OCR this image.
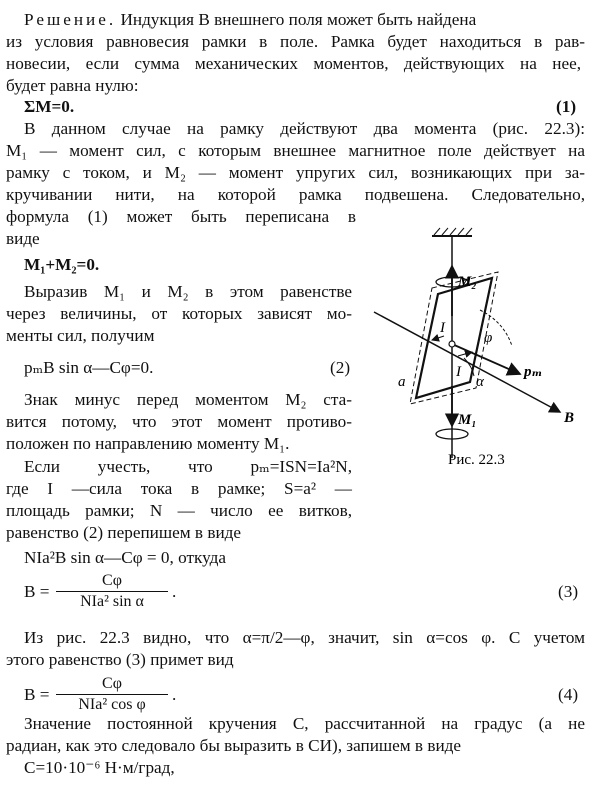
Решение. Индукция B внешнего поля может быть найдена
из условия равновесия рамки в поле. Рамка будет находиться в рав-
новесии, если сумма механических моментов, действующих на нее,
будет равна нулю:
ΣM=0.	(1)
В данном случае на рамку действуют два момента (рис. 22.3):
M₁ — момент сил, с которым внешнее магнитное поле действует на
рамку с током, и M₂ — момент упругих сил, возникающих при за-
кручивании нити, на которой рамка подвешена. Следовательно,
формула (1) может быть переписана в
виде
M₁+M₂=0.
Выразив M₁ и M₂ в этом равенстве
через величины, от которых зависят мо-
менты сил, получим
pₘB sin α—Cφ=0.	(2)
Знак минус перед моментом M₂ ста-
вится потому, что этот момент противо-
положен по направлению моменту M₁.
Если учесть, что pₘ=ISN=Ia²N,
где I —сила тока в рамке; S=a² —
площадь рамки; N — число ее витков,
равенство (2) перепишем в виде
NIa²B sin α—Cφ = 0, откуда
B =
Cφ
NIa² sin α
.	(3)
Из рис. 22.3 видно, что α=π/2—φ, значит, sin α=cos φ. С учетом
этого равенство (3) примет вид
B =
Cφ
NIa² cos φ
.	(4)
Значение постоянной кручения C, рассчитанной на градус (а не
радиан, как это следовало бы выразить в СИ), запишем в виде
C=10·10⁻⁶ Н·м/град,
M₂
M₁
I
I
φ
α
a
pₘ
B
Рис. 22.3
